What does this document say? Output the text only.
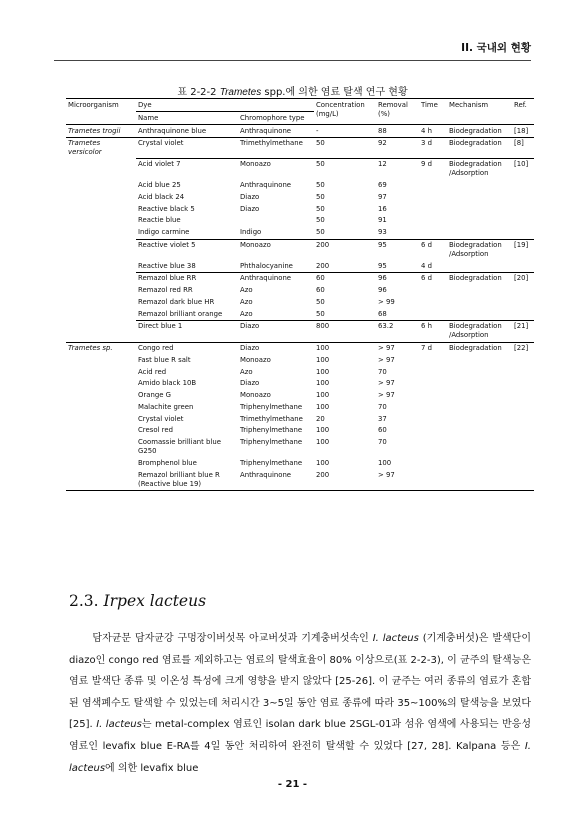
II. 국내외 현황
표 2-2-2 Trametes spp.에 의한 염료 탈색 연구 현황
Microorganism	Dye		Concentration (mg/L)	Removal (%)	Time	Mechanism	Ref.
	Name	Chromophore type					
Trametes trogii	Anthraquinone blue	Anthraquinone	-	88	4 h	Biodegradation	[18]
Trametes versicolor	Crystal violet	Trimethylmethane	50	92	3 d	Biodegradation	[8]
	Acid violet 7	Monoazo	50	12	9 d	Biodegradation /Adsorption	[10]
	Acid blue 25	Anthraquinone	50	69			
	Acid black 24	Diazo	50	97			
	Reactive black 5	Diazo	50	16			
	Reactie blue		50	91			
	Indigo carmine	Indigo	50	93			
	Reactive violet 5	Monoazo	200	95	6 d	Biodegradation /Adsorption	[19]
	Reactive blue 38	Phthalocyanine	200	95	4 d		
	Remazol blue RR	Anthraquinone	60	96	6 d	Biodegradation	[20]
	Remazol red RR	Azo	60	96			
	Remazol dark blue HR	Azo	50	> 99			
	Remazol brilliant orange	Azo	50	68			
	Direct blue 1	Diazo	800	63.2	6 h	Biodegradation /Adsorption	[21]
Trametes sp.	Congo red	Diazo	100	> 97	7 d	Biodegradation	[22]
	Fast blue R salt	Monoazo	100	> 97			
	Acid red	Azo	100	70			
	Amido black 10B	Diazo	100	> 97			
	Orange G	Monoazo	100	> 97			
	Malachite green	Triphenylmethane	100	70			
	Crystal violet	Trimethylmethane	20	37			
	Cresol red	Triphenylmethane	100	60			
	Coomassie brilliant blue G250	Triphenylmethane	100	70			
	Bromphenol blue	Triphenylmethane	100	100			
	Remazol brilliant blue R (Reactive blue 19)	Anthraquinone	200	> 97			
2.3. Irpex lacteus
담자균문 담자균강 구멍장이버섯목 아교버섯과 기계충버섯속인 I. lacteus (기계충버섯)은 발색단이 diazo인 congo red 염료를 제외하고는 염료의 탈색효율이 80% 이상으로(표 2-2-3), 이 균주의 탈색능은 염료 발색단 종류 및 이온성 특성에 크게 영향을 받지 않았다 [25-26]. 이 균주는 여러 종류의 염료가 혼합된 염색폐수도 탈색할 수 있었는데 처리시간 3~5일 동안 염료 종류에 따라 35~100%의 탈색능을 보였다 [25]. I. lacteus는 metal-complex 염료인 isolan dark blue 2SGL-01과 섬유 염색에 사용되는 반응성 염료인 levafix blue E-RA를 4일 동안 처리하여 완전히 탈색할 수 있었다 [27, 28]. Kalpana 등은 I. lacteus에 의한 levafix blue
- 21 -
